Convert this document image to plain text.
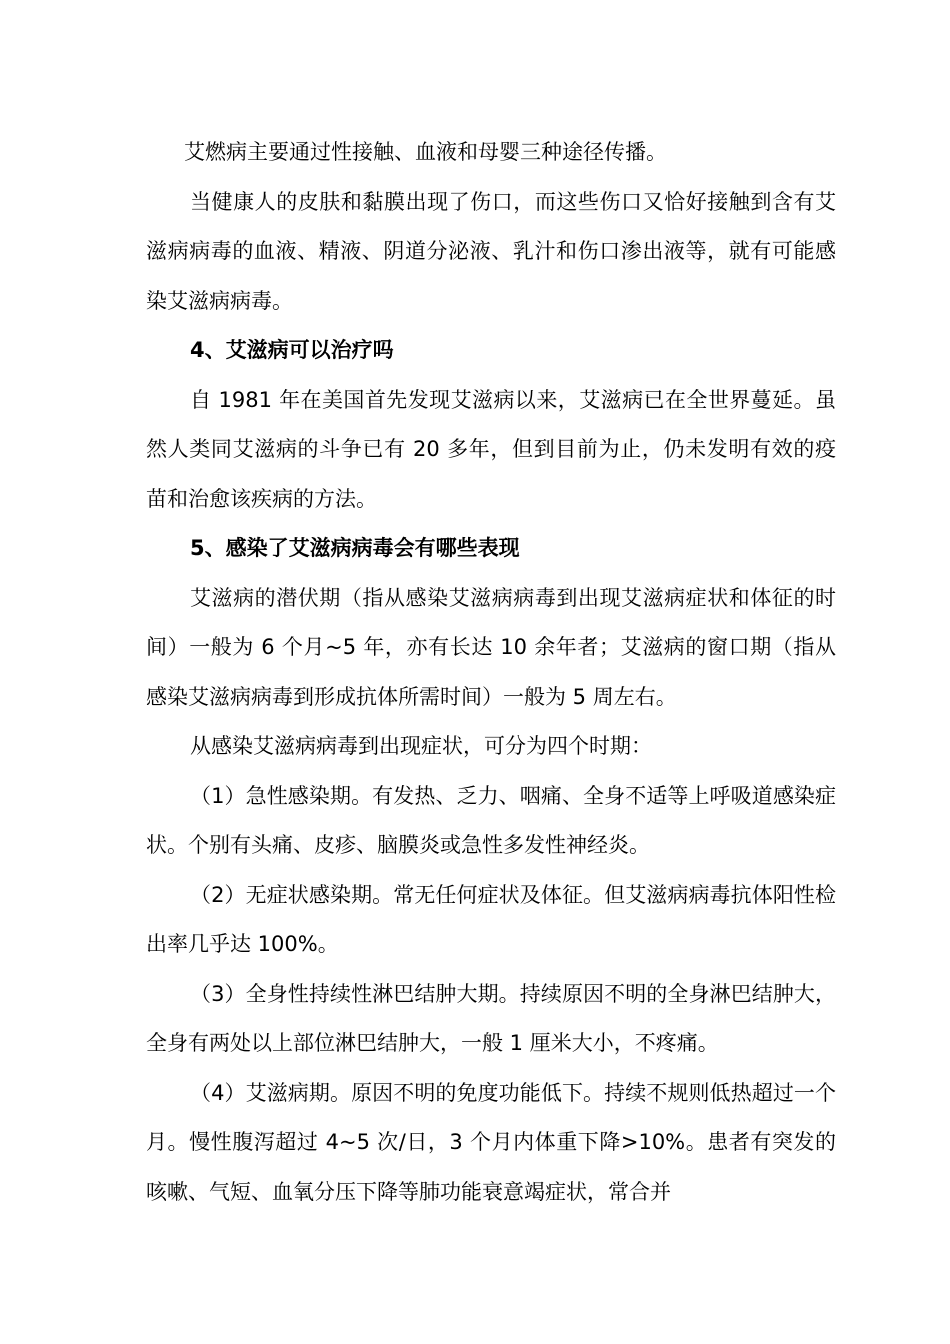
艾燃病主要通过性接触、血液和母婴三种途径传播。

当健康人的皮肤和黏膜出现了伤口，而这些伤口又恰好接触到含有艾滋病病毒的血液、精液、阴道分泌液、乳汁和伤口渗出液等，就有可能感染艾滋病病毒。

4、艾滋病可以治疗吗

自 1981 年在美国首先发现艾滋病以来，艾滋病已在全世界蔓延。虽然人类同艾滋病的斗争已有 20 多年，但到目前为止，仍未发明有效的疫苗和治愈该疾病的方法。

5、感染了艾滋病病毒会有哪些表现

艾滋病的潜伏期（指从感染艾滋病病毒到出现艾滋病症状和体征的时间）一般为 6 个月~5 年，亦有长达 10 余年者；艾滋病的窗口期（指从感染艾滋病病毒到形成抗体所需时间）一般为 5 周左右。

从感染艾滋病病毒到出现症状，可分为四个时期：

（1）急性感染期。有发热、乏力、咽痛、全身不适等上呼吸道感染症状。个别有头痛、皮疹、脑膜炎或急性多发性神经炎。

（2）无症状感染期。常无任何症状及体征。但艾滋病病毒抗体阳性检出率几乎达 100%。

（3）全身性持续性淋巴结肿大期。持续原因不明的全身淋巴结肿大，全身有两处以上部位淋巴结肿大，一般 1 厘米大小，不疼痛。

（4）艾滋病期。原因不明的免度功能低下。持续不规则低热超过一个月。慢性腹泻超过 4~5 次/日，3 个月内体重下降>10%。患者有突发的咳嗽、气短、血氧分压下降等肺功能衰意竭症状，常合并
